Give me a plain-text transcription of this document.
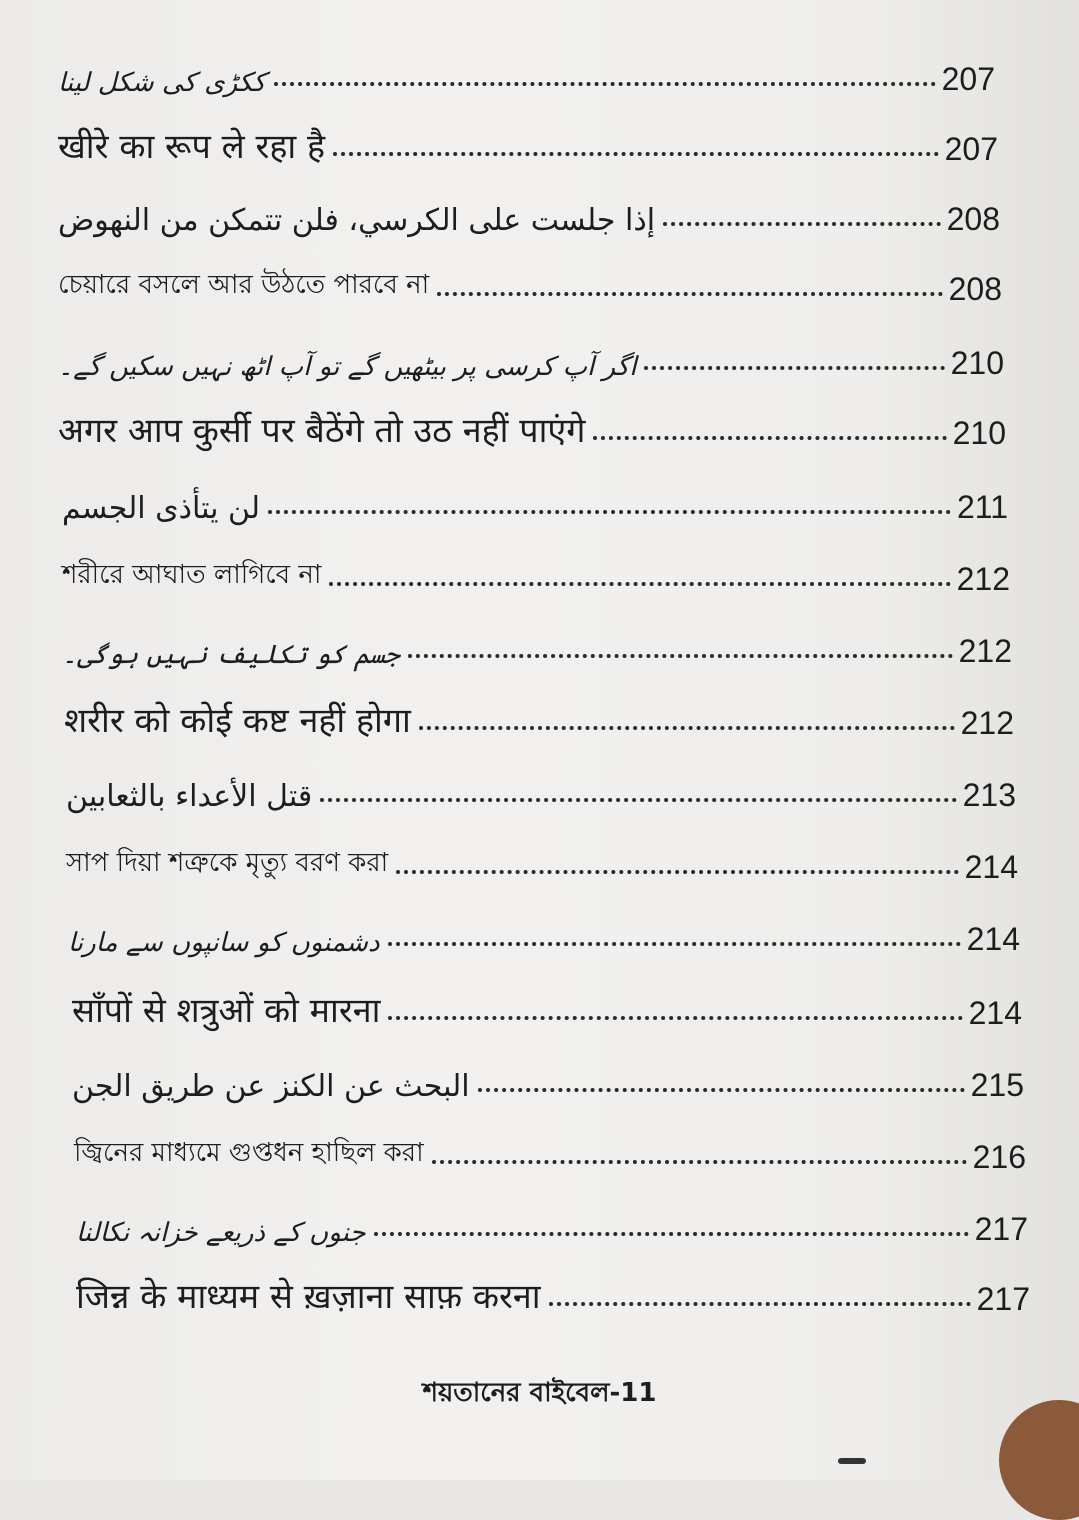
ککڑی کی شکل لینا	207
खीरे का रूप ले रहा है	207
إذا جلست على الكرسي، فلن تتمكن من النهوض	208
চেয়ারে বসলে আর উঠতে পারবে না	208
اگر آپ کرسی پر بیٹھیں گے تو آپ اٹھ نہیں سکیں گے۔	210
अगर आप कुर्सी पर बैठेंगे तो उठ नहीं पाएंगे	210
لن يتأذى الجسم	211
শরীরে আঘাত লাগিবে না	212
جسم کو تکلیف نہیں ہوگی۔	212
शरीर को कोई कष्ट नहीं होगा	212
قتل الأعداء بالثعابين	213
সাপ দিয়া শত্রুকে মৃত্যু বরণ করা	214
دشمنوں کو سانپوں سے مارنا	214
साँपों से शत्रुओं को मारना	214
البحث عن الكنز عن طريق الجن	215
জ্বিনের মাধ্যমে গুপ্তধন হাছিল করা	216
جنوں کے ذریعے خزانہ نکالنا	217
जिन्न के माध्यम से ख़ज़ाना साफ़ करना	217
শয়তানের বাইবেল-11
